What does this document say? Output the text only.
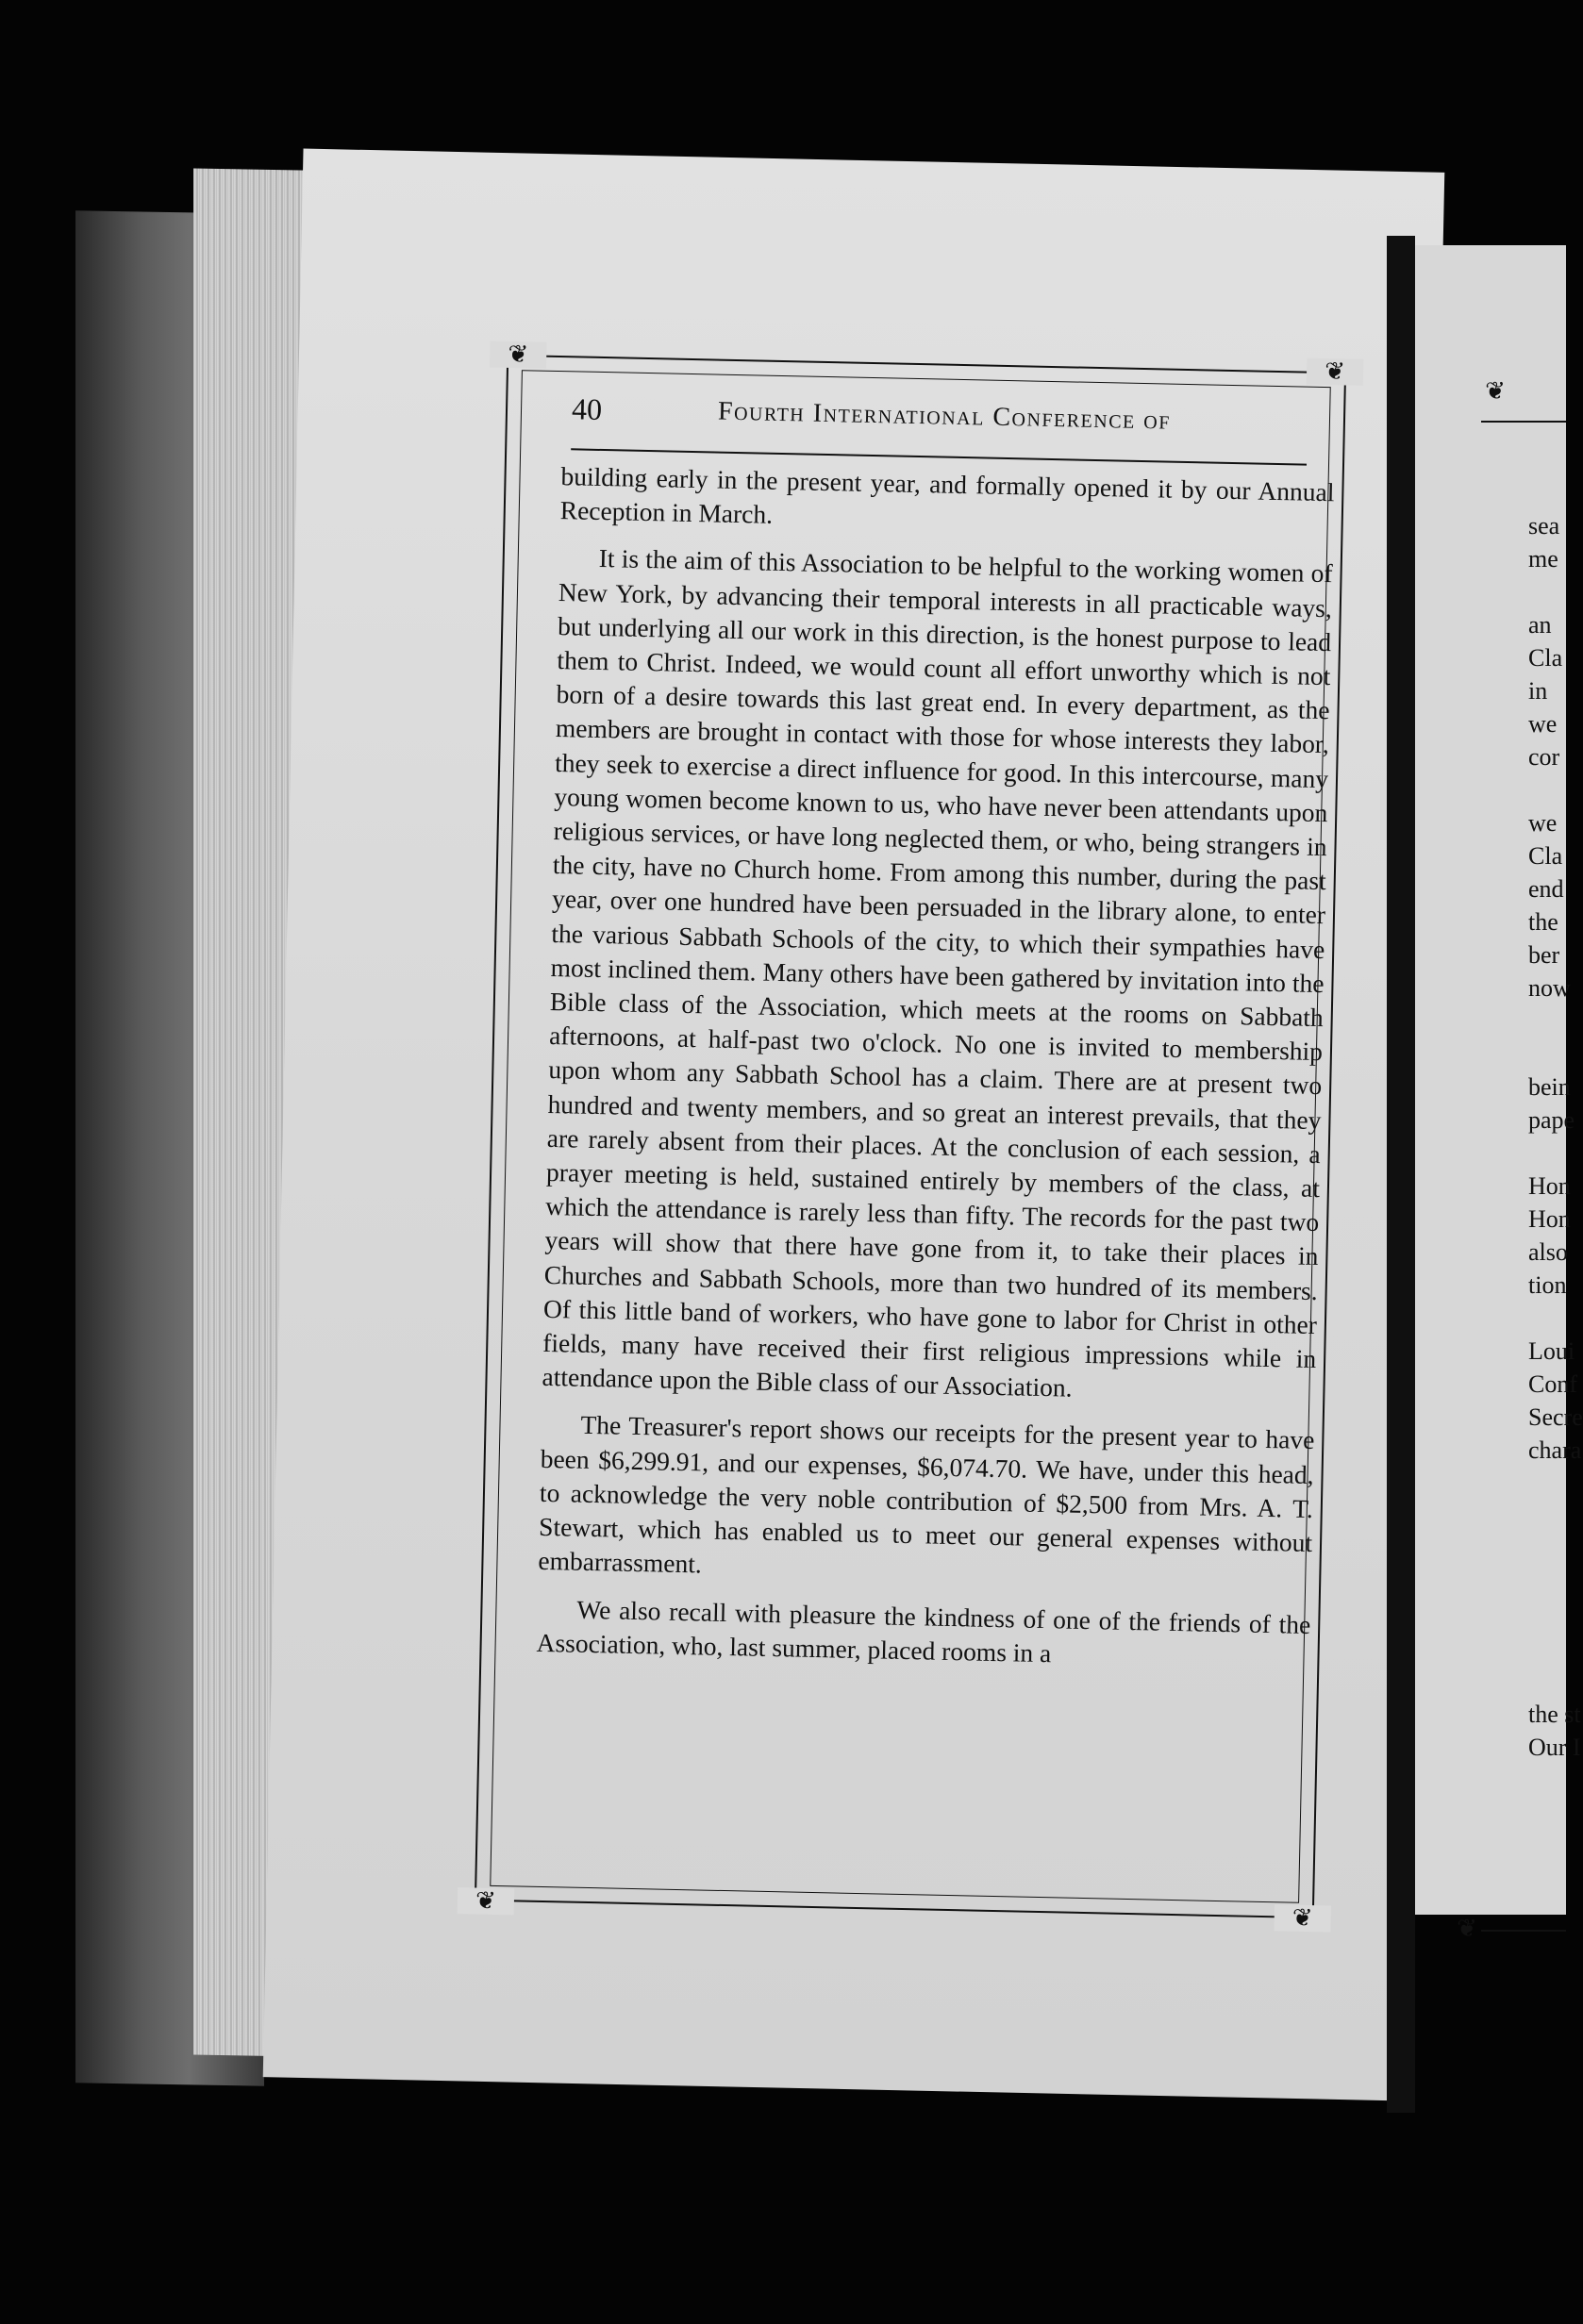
❦
❦
sea
me
an
Cla
in
we
cor
we
Cla
end
the
ber
now
bein
pape
Hon
Hon
also
tion
Loui
Conf
Secre
chara
the st
Our I
❦
❦
❦
❦
40	Fourth International Conference of

building early in the present year, and formally opened it by our Annual Reception in March.

It is the aim of this Association to be helpful to the working women of New York, by advancing their temporal interests in all practicable ways, but underlying all our work in this direction, is the honest purpose to lead them to Christ. Indeed, we would count all effort unworthy which is not born of a desire towards this last great end. In every department, as the members are brought in contact with those for whose interests they labor, they seek to exercise a direct influence for good. In this intercourse, many young women become known to us, who have never been attendants upon religious services, or have long neglected them, or who, being strangers in the city, have no Church home. From among this number, during the past year, over one hundred have been persuaded in the library alone, to enter the various Sabbath Schools of the city, to which their sympathies have most inclined them. Many others have been gathered by invitation into the Bible class of the Association, which meets at the rooms on Sabbath afternoons, at half-past two o'clock. No one is invited to membership upon whom any Sabbath School has a claim. There are at present two hundred and twenty members, and so great an interest prevails, that they are rarely absent from their places. At the conclusion of each session, a prayer meeting is held, sustained entirely by members of the class, at which the attendance is rarely less than fifty. The records for the past two years will show that there have gone from it, to take their places in Churches and Sabbath Schools, more than two hundred of its members. Of this little band of workers, who have gone to labor for Christ in other fields, many have received their first religious impressions while in attendance upon the Bible class of our Association.

The Treasurer's report shows our receipts for the present year to have been $6,299.91, and our expenses, $6,074.70. We have, under this head, to acknowledge the very noble contribution of $2,500 from Mrs. A. T. Stewart, which has enabled us to meet our general expenses without embarrassment.

We also recall with pleasure the kindness of one of the friends of the Association, who, last summer, placed rooms in a
